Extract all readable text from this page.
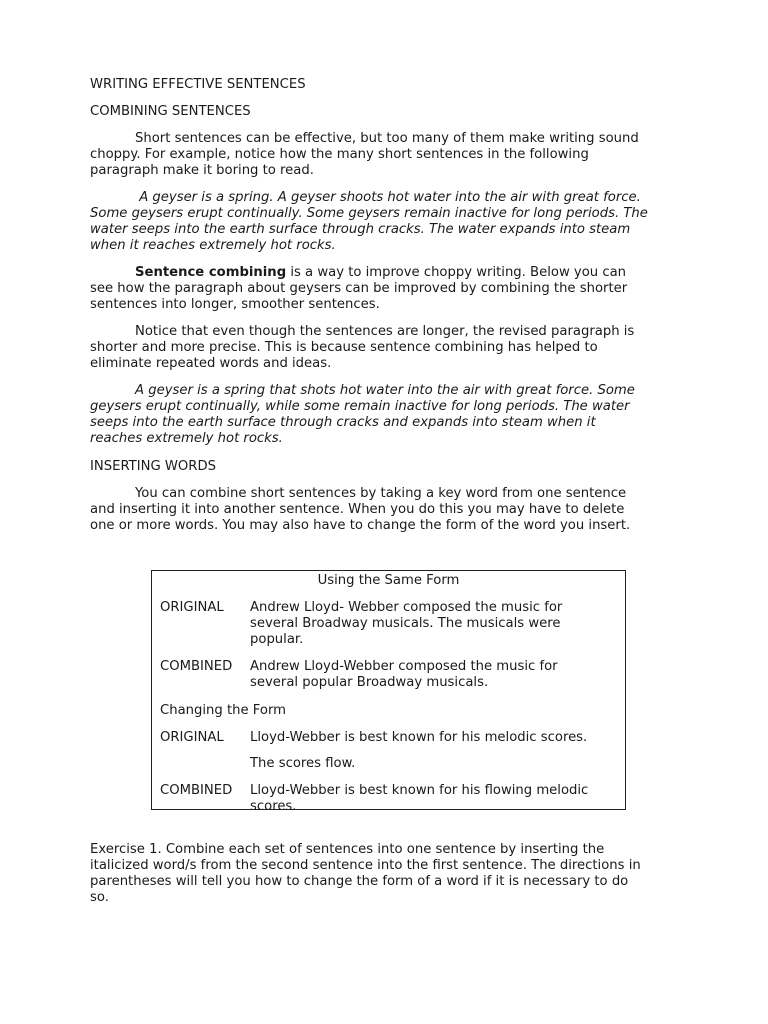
WRITING EFFECTIVE SENTENCES
COMBINING SENTENCES
Short sentences can be effective, but too many of them make writing sound
choppy. For example, notice how the many short sentences in the following
paragraph make it boring to read.
A geyser is a spring. A geyser shoots hot water into the air with great force.
Some geysers erupt continually. Some geysers remain inactive for long periods. The
water seeps into the earth surface through cracks. The water expands into steam
when it reaches extremely hot rocks.
Sentence combining is a way to improve choppy writing. Below you can
see how the paragraph about geysers can be improved by combining the shorter
sentences into longer, smoother sentences.
Notice that even though the sentences are longer, the revised paragraph is
shorter and more precise. This is because sentence combining has helped to
eliminate repeated words and ideas.
A geyser is a spring that shots hot water into the air with great force. Some
geysers erupt continually, while some remain inactive for long periods. The water
seeps into the earth surface through cracks and expands into steam when it
reaches extremely hot rocks.
INSERTING WORDS
You can combine short sentences by taking a key word from one sentence
and inserting it into another sentence. When you do this you may have to delete
one or more words. You may also have to change the form of the word you insert.
Exercise 1. Combine each set of sentences into one sentence by inserting the
italicized word/s from the second sentence into the first sentence. The directions in
parentheses will tell you how to change the form of a word if it is necessary to do
so.
Using the Same Form
ORIGINAL Andrew Lloyd- Webber composed the music for
several Broadway musicals. The musicals were
popular.
COMBINED Andrew Lloyd-Webber composed the music for
several popular Broadway musicals.
Changing the Form
ORIGINAL Lloyd-Webber is best known for his melodic scores.
The scores flow.
COMBINED Lloyd-Webber is best known for his flowing melodic
scores.
